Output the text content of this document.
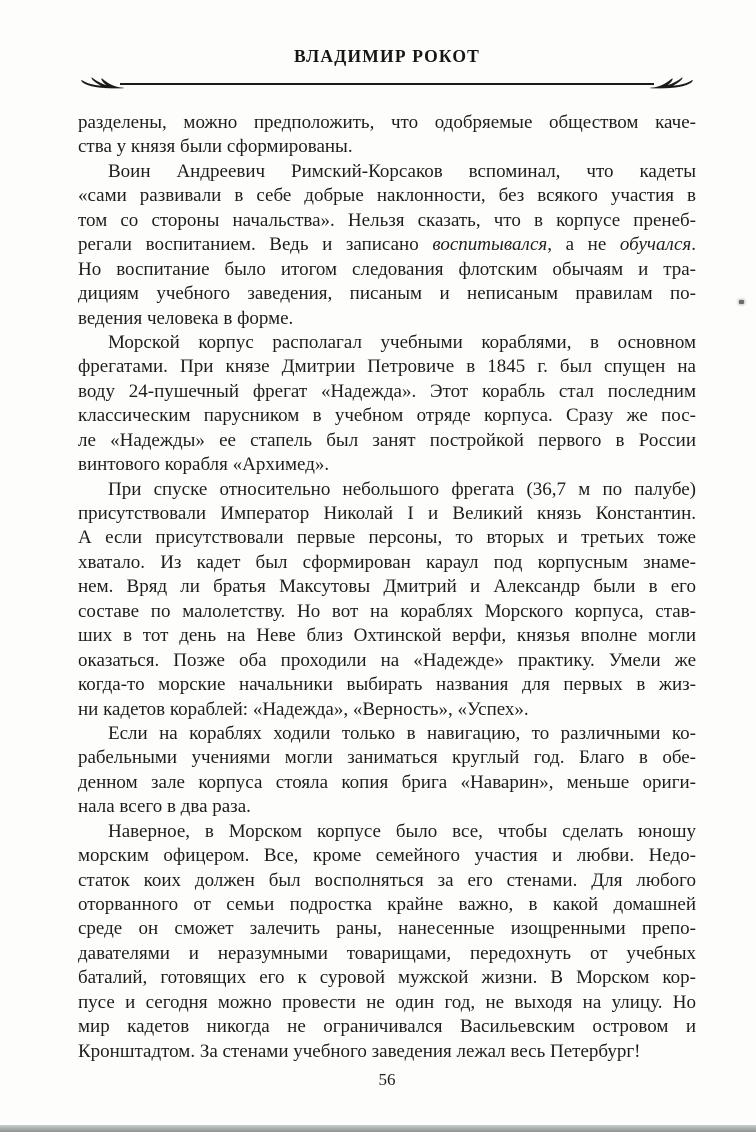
ВЛАДИМИР РОКОТ
разделены, можно предположить, что одобряемые обществом каче-
ства у князя были сформированы.
Воин Андреевич Римский-Корсаков вспоминал, что кадеты
«сами развивали в себе добрые наклонности, без всякого участия в
том со стороны начальства». Нельзя сказать, что в корпусе пренеб-
регали воспитанием. Ведь и записано воспитывался, а не обучался.
Но воспитание было итогом следования флотским обычаям и тра-
дициям учебного заведения, писаным и неписаным правилам по-
ведения человека в форме.
Морской корпус располагал учебными кораблями, в основном
фрегатами. При князе Дмитрии Петровиче в 1845 г. был спущен на
воду 24-пушечный фрегат «Надежда». Этот корабль стал последним
классическим парусником в учебном отряде корпуса. Сразу же пос-
ле «Надежды» ее стапель был занят постройкой первого в России
винтового корабля «Архимед».
При спуске относительно небольшого фрегата (36,7 м по палубе)
присутствовали Император Николай I и Великий князь Константин.
А если присутствовали первые персоны, то вторых и третьих тоже
хватало. Из кадет был сформирован караул под корпусным знаме-
нем. Вряд ли братья Максутовы Дмитрий и Александр были в его
составе по малолетству. Но вот на кораблях Морского корпуса, став-
ших в тот день на Неве близ Охтинской верфи, князья вполне могли
оказаться. Позже оба проходили на «Надежде» практику. Умели же
когда-то морские начальники выбирать названия для первых в жиз-
ни кадетов кораблей: «Надежда», «Верность», «Успех».
Если на кораблях ходили только в навигацию, то различными ко-
рабельными учениями могли заниматься круглый год. Благо в обе-
денном зале корпуса стояла копия брига «Наварин», меньше ориги-
нала всего в два раза.
Наверное, в Морском корпусе было все, чтобы сделать юношу
морским офицером. Все, кроме семейного участия и любви. Недо-
статок коих должен был восполняться за его стенами. Для любого
оторванного от семьи подростка крайне важно, в какой домашней
среде он сможет залечить раны, нанесенные изощренными препо-
давателями и неразумными товарищами, передохнуть от учебных
баталий, готовящих его к суровой мужской жизни. В Морском кор-
пусе и сегодня можно провести не один год, не выходя на улицу. Но
мир кадетов никогда не ограничивался Васильевским островом и
Кронштадтом. За стенами учебного заведения лежал весь Петербург!
56
